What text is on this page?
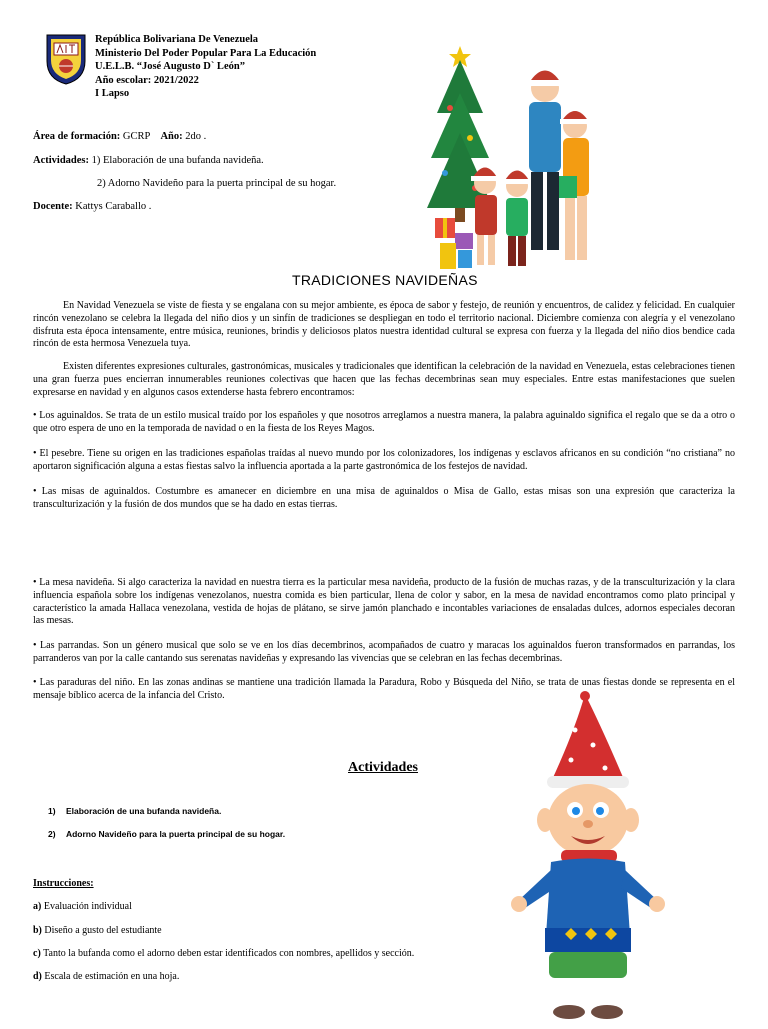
República Bolivariana De Venezuela
Ministerio Del Poder Popular Para La Educación
U.E.L.B. “José Augusto D` León”
Año escolar: 2021/2022
I Lapso
Área de formación: GCRP Año: 2do .
Actividades: 1) Elaboración de una bufanda navideña.
2) Adorno Navideño para la puerta principal de su hogar.
Docente: Kattys Caraballo .
TRADICIONES NAVIDEÑAS
En Navidad Venezuela se viste de fiesta y se engalana con su mejor ambiente, es época de sabor y festejo, de reunión y encuentros, de calidez y felicidad. En cualquier rincón venezolano se celebra la llegada del niño dios y un sinfín de tradiciones se despliegan en todo el territorio nacional. Diciembre comienza con alegría y el venezolano disfruta esta época intensamente, entre música, reuniones, brindis y deliciosos platos nuestra identidad cultural se expresa con fuerza y la llegada del niño dios bendice cada rincón de esta hermosa Venezuela tuya.
Existen diferentes expresiones culturales, gastronómicas, musicales y tradicionales que identifican la celebración de la navidad en Venezuela, estas celebraciones tienen una gran fuerza pues encierran innumerables reuniones colectivas que hacen que las fechas decembrinas sean muy especiales. Entre estas manifestaciones que suelen expresarse en navidad y en algunos casos extenderse hasta febrero encontramos:
• Los aguinaldos. Se trata de un estilo musical traído por los españoles y que nosotros arreglamos a nuestra manera, la palabra aguinaldo significa el regalo que se da a otro o que otro espera de uno en la temporada de navidad o en la fiesta de los Reyes Magos.
• El pesebre. Tiene su origen en las tradiciones españolas traídas al nuevo mundo por los colonizadores, los indígenas y esclavos africanos en su condición “no cristiana” no aportaron significación alguna a estas fiestas salvo la influencia aportada a la parte gastronómica de los festejos de navidad.
• Las misas de aguinaldos. Costumbre es amanecer en diciembre en una misa de aguinaldos o Misa de Gallo, estas misas son una expresión que caracteriza la transculturización y la fusión de dos mundos que se ha dado en estas tierras.
• La mesa navideña. Si algo caracteriza la navidad en nuestra tierra es la particular mesa navideña, producto de la fusión de muchas razas, y de la transculturización y la clara influencia española sobre los indígenas venezolanos, nuestra comida es bien particular, llena de color y sabor, en la mesa de navidad encontramos como plato principal y característico la amada Hallaca venezolana, vestida de hojas de plátano, se sirve jamón planchado e incontables variaciones de ensaladas dulces, adornos especiales decoran las mesas.
• Las parrandas. Son un género musical que solo se ve en los días decembrinos, acompañados de cuatro y maracas los aguinaldos fueron transformados en parrandas, los parranderos van por la calle cantando sus serenatas navideñas y expresando las vivencias que se celebran en las fechas decembrinas.
• Las paraduras del niño. En las zonas andinas se mantiene una tradición llamada la Paradura, Robo y Búsqueda del Niño, se trata de unas fiestas donde se representa en el mensaje bíblico acerca de la infancia del Cristo.
Actividades
1) Elaboración de una bufanda navideña.
2) Adorno Navideño para la puerta principal de su hogar.
Instrucciones:
a) Evaluación individual
b) Diseño a gusto del estudiante
c) Tanto la bufanda como el adorno deben estar identificados con nombres, apellidos y sección.
d) Escala de estimación en una hoja.
